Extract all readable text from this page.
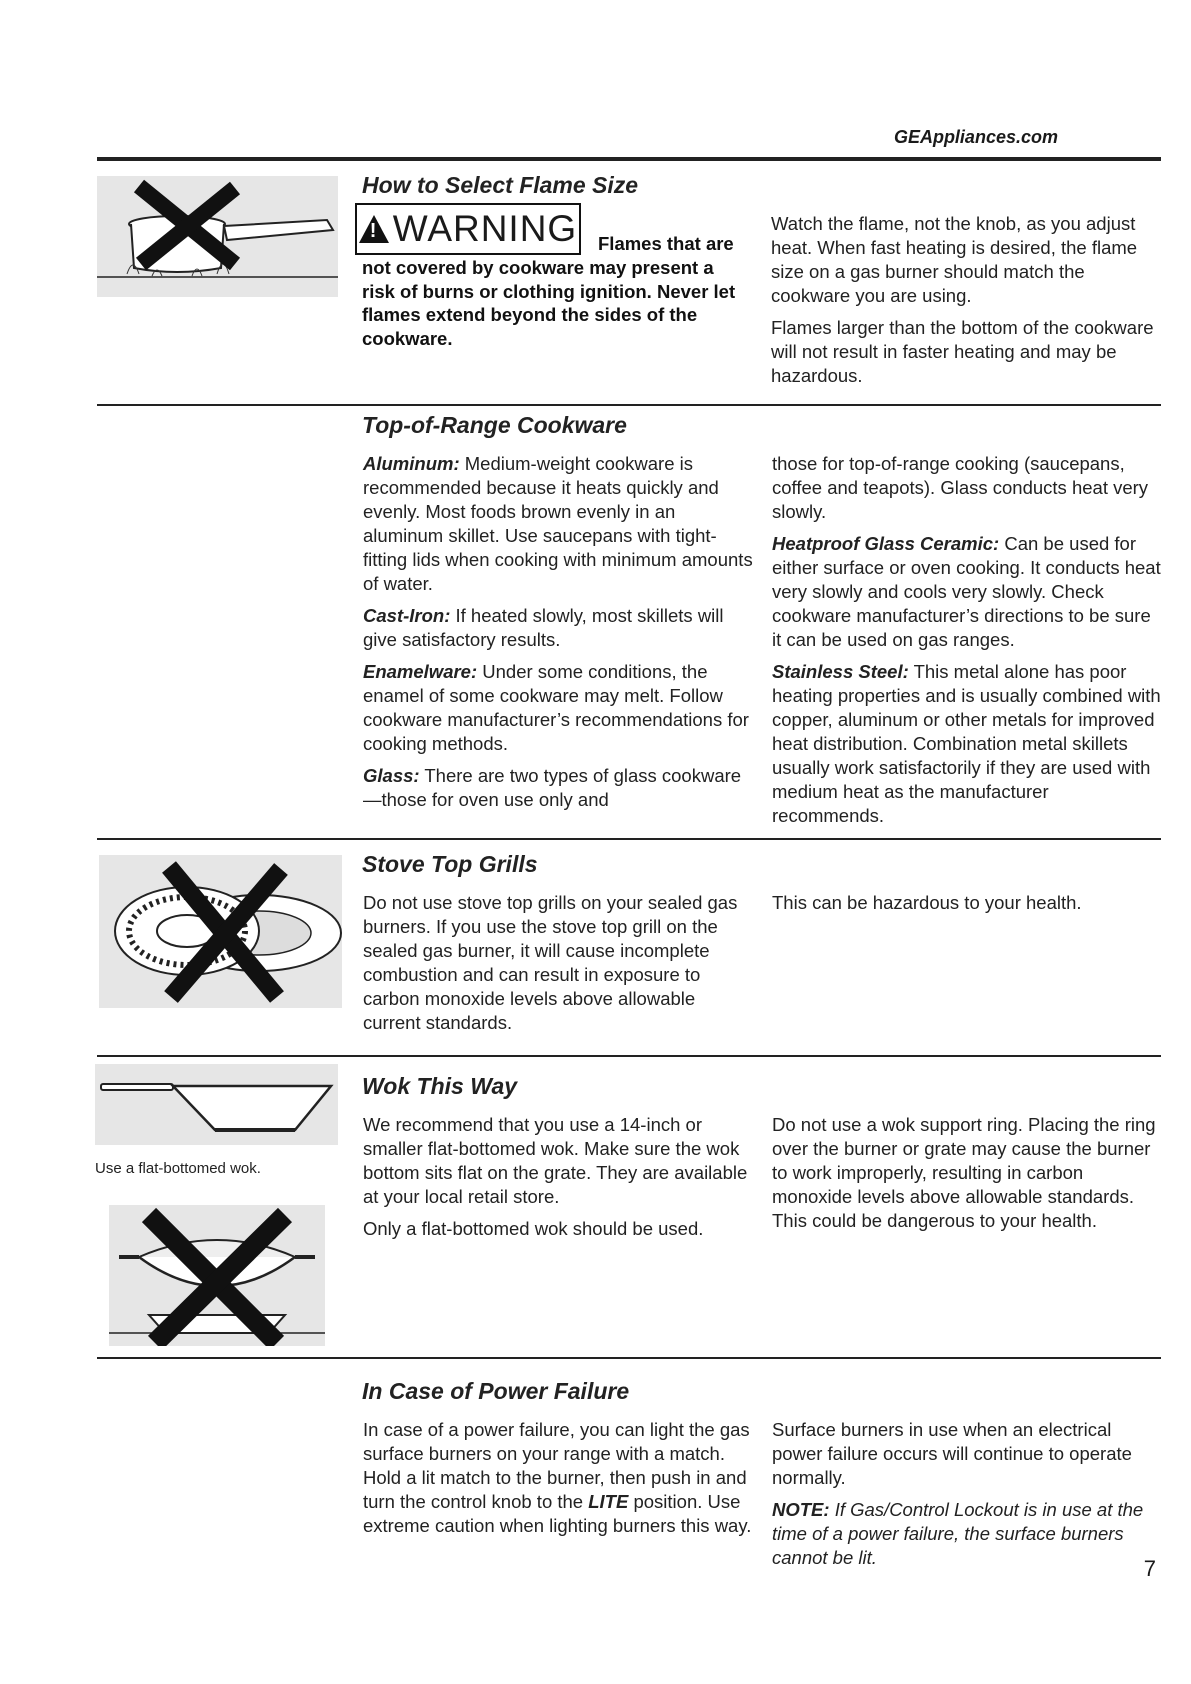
GEAppliances.com
How to Select Flame Size
!
WARNING Flames that are
not covered by cookware may present a risk of burns or clothing ignition. Never let flames extend beyond the sides of the cookware.

Watch the flame, not the knob, as you adjust heat. When fast heating is desired, the flame size on a gas burner should match the cookware you are using.

Flames larger than the bottom of the cookware will not result in faster heating and may be hazardous.

Top-of-Range Cookware

Aluminum: Medium-weight cookware is recommended because it heats quickly and evenly. Most foods brown evenly in an aluminum skillet. Use saucepans with tight-fitting lids when cooking with minimum amounts of water.

Cast-Iron: If heated slowly, most skillets will give satisfactory results.

Enamelware: Under some conditions, the enamel of some cookware may melt. Follow cookware manufacturer’s recommendations for cooking methods.

Glass: There are two types of glass cookware—those for oven use only and

those for top-of-range cooking (saucepans, coffee and teapots). Glass conducts heat very slowly.

Heatproof Glass Ceramic: Can be used for either surface or oven cooking. It conducts heat very slowly and cools very slowly. Check cookware manufacturer’s directions to be sure it can be used on gas ranges.

Stainless Steel: This metal alone has poor heating properties and is usually combined with copper, aluminum or other metals for improved heat distribution. Combination metal skillets usually work satisfactorily if they are used with medium heat as the manufacturer recommends.

Stove Top Grills

Do not use stove top grills on your sealed gas burners. If you use the stove top grill on the sealed gas burner, it will cause incomplete combustion and can result in exposure to carbon monoxide levels above allowable current standards.

This can be hazardous to your health.

Use a flat-bottomed wok.
Wok This Way

We recommend that you use a 14-inch or smaller flat-bottomed wok. Make sure the wok bottom sits flat on the grate. They are available at your local retail store.

Only a flat-bottomed wok should be used.

Do not use a wok support ring. Placing the ring over the burner or grate may cause the burner to work improperly, resulting in carbon monoxide levels above allowable standards. This could be dangerous to your health.

In Case of Power Failure

In case of a power failure, you can light the gas surface burners on your range with a match. Hold a lit match to the burner, then push in and turn the control knob to the LITE position. Use extreme caution when lighting burners this way.

Surface burners in use when an electrical power failure occurs will continue to operate normally.

NOTE: If Gas/Control Lockout is in use at the time of a power failure, the surface burners cannot be lit.	7
